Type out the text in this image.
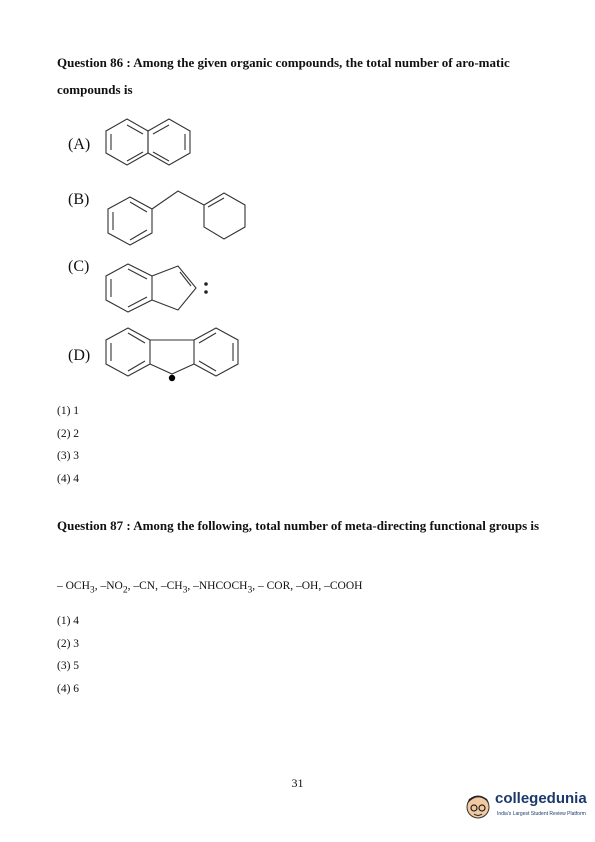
Question 86 : Among the given organic compounds, the total number of aro-matic compounds is
(A)
(B)
(C)
(D)
(1) 1
(2) 2
(3) 3
(4) 4
Question 87 : Among the following, total number of meta-directing functional groups is
– $OCH_3$, $-NO_2$, –CN, $-CH_3$, $-NHCOCH_3$, – COR, –OH, –COOH
(1) 4
(2) 3
(3) 5
(4) 6
31
collegedunia
India's Largest Student Review Platform
